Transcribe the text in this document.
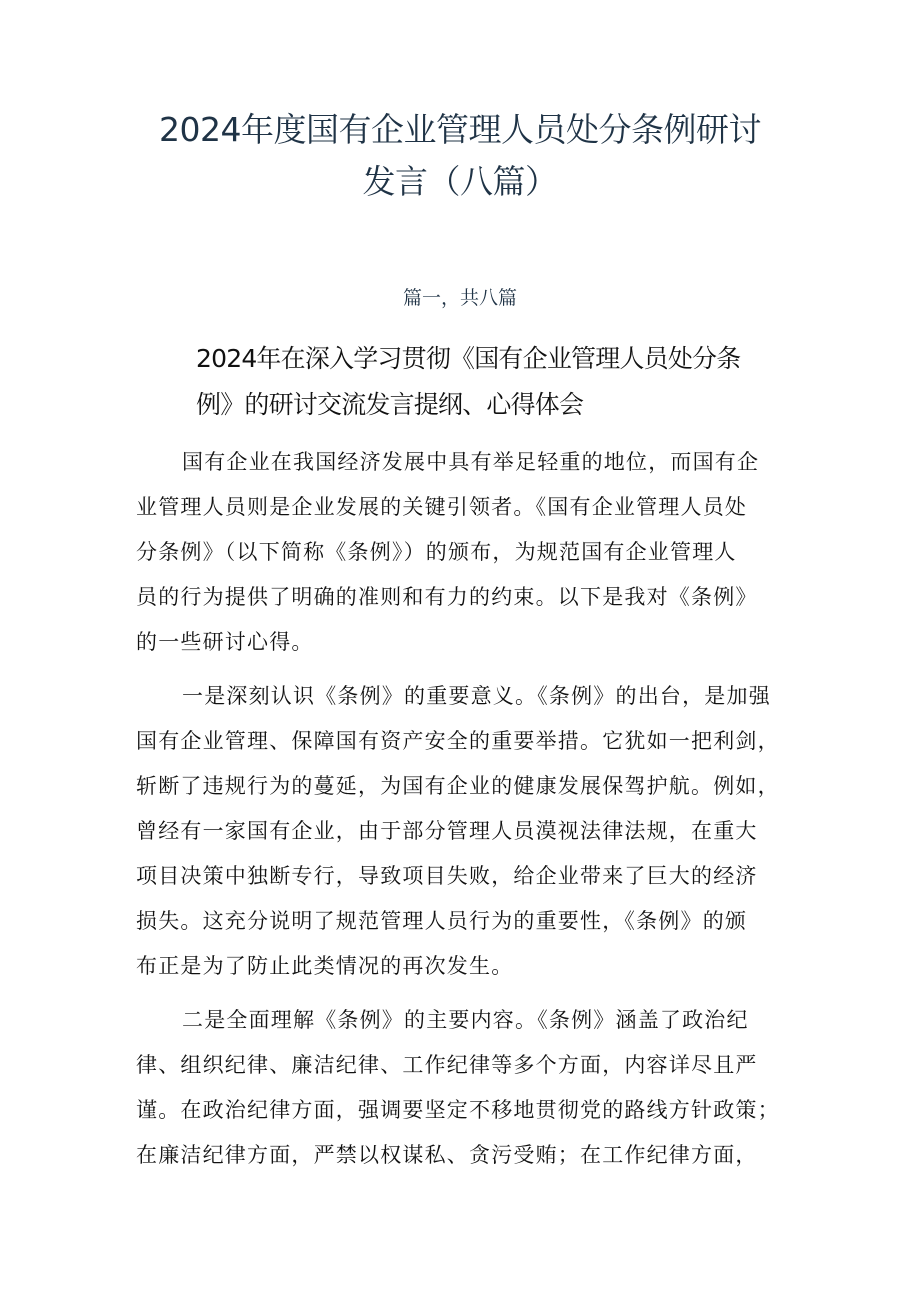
2024年度国有企业管理人员处分条例研讨
发言（八篇）
篇一，共八篇
2024年在深入学习贯彻《国有企业管理人员处分条
例》的研讨交流发言提纲、心得体会
国有企业在我国经济发展中具有举足轻重的地位，而国有企
业管理人员则是企业发展的关键引领者。《国有企业管理人员处
分条例》（以下简称《条例》）的颁布，为规范国有企业管理人
员的行为提供了明确的准则和有力的约束。以下是我对《条例》
的一些研讨心得。
一是深刻认识《条例》的重要意义。《条例》的出台，是加强
国有企业管理、保障国有资产安全的重要举措。它犹如一把利剑，
斩断了违规行为的蔓延，为国有企业的健康发展保驾护航。例如，
曾经有一家国有企业，由于部分管理人员漠视法律法规，在重大
项目决策中独断专行，导致项目失败，给企业带来了巨大的经济
损失。这充分说明了规范管理人员行为的重要性，《条例》的颁
布正是为了防止此类情况的再次发生。
二是全面理解《条例》的主要内容。《条例》涵盖了政治纪
律、组织纪律、廉洁纪律、工作纪律等多个方面，内容详尽且严
谨。在政治纪律方面，强调要坚定不移地贯彻党的路线方针政策；
在廉洁纪律方面，严禁以权谋私、贪污受贿；在工作纪律方面，
